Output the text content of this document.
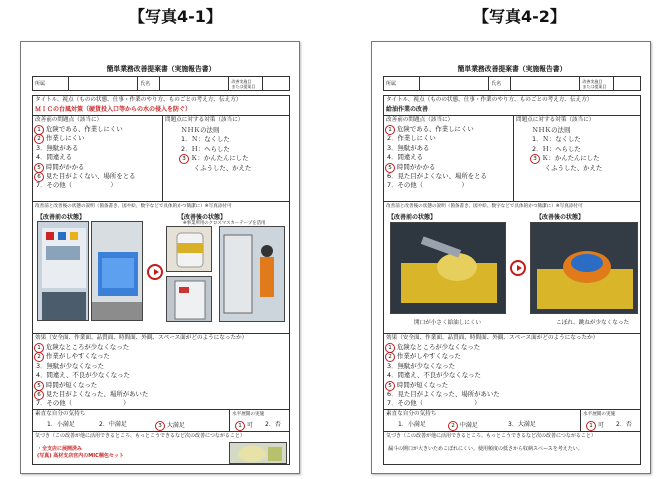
【写真4-1】	【写真4-2】
簡単業務改善提案書（実施報告書）
所属	氏名	改善実施目
または提案目
タイトル、視点（ものの状態、仕事・作業のやり方、ものごとの考え方、伝え方）
ＭＩＣの台風対策（硬貨投入口等からの水の侵入を防ぐ）
改善前の問題点（該当に）
1 危険である、作業しにくい
2 作業しにくい
3．無駄がある
4．間違える
5 時間がかかる
6 見た目がよくない、場所をとる
7．その他（　　　　　　）
問題点に対する対策（該当に）
ＮＨＫの法則
1．Ｎ：なくした
2．Ｈ：へらした
3 Ｋ：かんたんにした
　　くふうした、かえた
改善前と改善後の状態の説明（箇条書き、図や絵、数字などで具体的かつ簡潔に）※写真添付可
【改善前の状態】	【改善後の状態】
※事業所用のクロスマスカーテープを活用
効果（安全面、作業面、品質面、時間面、外観、スペース面がどのようになったか）
1 危険なところが少なくなった
2 作業がしやすくなった
3．無駄が少なくなった
4．間違え、不良が少なくなった
5 時間が短くなった
6 見た目がよくなった、場所があいた
7．その他（　　　　　　　　）
素直な自分の気持ち
1．小満足	2．中満足	3 大満足
水平展開の実施
1 可 2．否
気づき（この改善が他に活用できるところ、もっとこうできるなど次の改善につながること）
・全支店に展開済み
(写真) 高材支店官内のMIC梱包セット
簡単業務改善提案書（実施報告書）
所属	氏名	改善実施目
または提案目
タイトル、視点（ものの状態、仕事・作業のやり方、ものごとの考え方、伝え方）
給油作業の改善
改善前の問題点（該当に）
1 危険である、作業しにくい
2．作業しにくい
3．無駄がある
4．間違える
5 時間がかかる
6．見た目がよくない、場所をとる
7．その他（　　　　　　）
問題点に対する対策（該当に）
ＮＨＫの法則
1．Ｎ：なくした
2．Ｈ：へらした
3 Ｋ：かんたんにした
　　くふうした、かえた
改善前と改善後の状態の説明（箇条書き、図や絵、数字などで具体的かつ簡潔に）※写真添付可
【改善前の状態】	【改善後の状態】
開口が小さく給油しにくい	こぼれ、跳ねが少なくなった
効果（安全面、作業面、品質面、時間面、外観、スペース面がどのようになったか）
1 危険なところが少なくなった
2 作業がしやすくなった
3．無駄が少なくなった
4．間違え、不良が少なくなった
5 時間が短くなった
6．見た目がよくなった、場所があいた
7．その他（　　　　　　　　）
素直な自分の気持ち
1．小満足	2 中満足	3．大満足
水平展開の実施
1 可 2．否
気づき（この改善が他に活用できるところ、もっとこうできるなど次の改善につながること）
漏斗の開口が大きいためこぼれにくい。使用頻度の低さから収納スペースを考えたい。
